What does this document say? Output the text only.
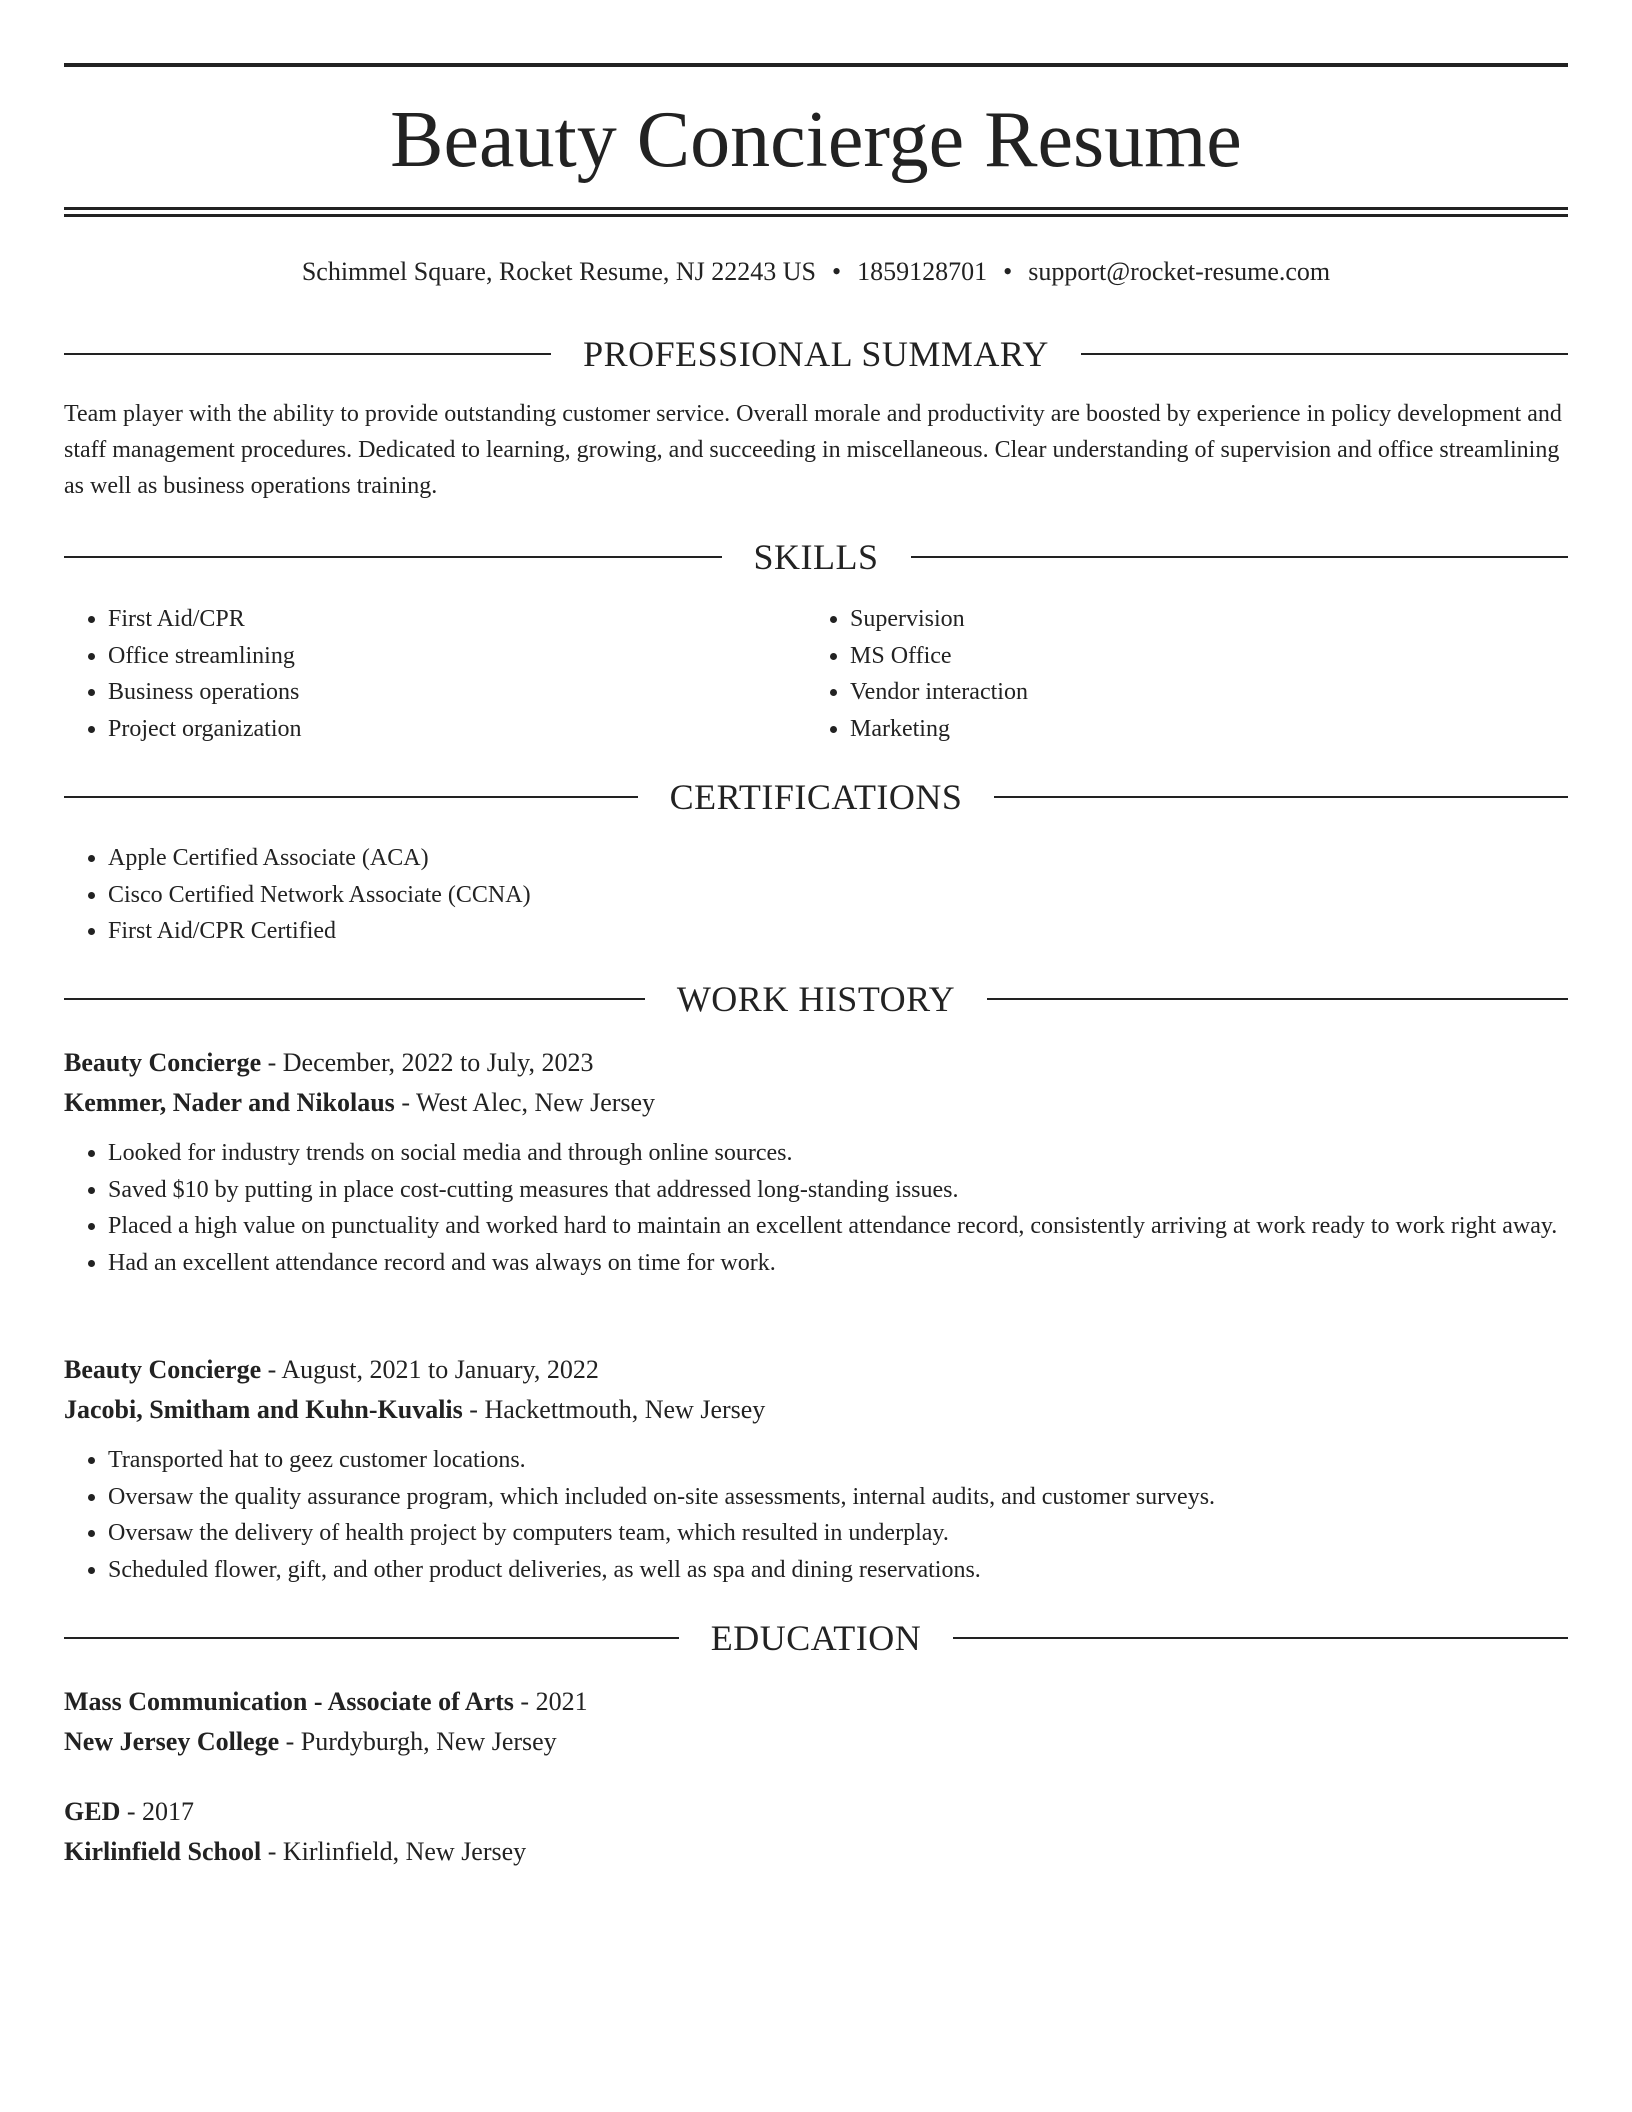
Beauty Concierge Resume
Schimmel Square, Rocket Resume, NJ 22243 US • 1859128701 • support@rocket-resume.com
PROFESSIONAL SUMMARY

Team player with the ability to provide outstanding customer service. Overall morale and productivity are boosted by experience in policy development and staff management procedures. Dedicated to learning, growing, and succeeding in miscellaneous. Clear understanding of supervision and office streamlining as well as business operations training.

SKILLS
• First Aid/CPR
• Office streamlining
• Business operations
• Project organization
• Supervision
• MS Office
• Vendor interaction
• Marketing
CERTIFICATIONS
• Apple Certified Associate (ACA)
• Cisco Certified Network Associate (CCNA)
• First Aid/CPR Certified
WORK HISTORY

Beauty Concierge - December, 2022 to July, 2023

Kemmer, Nader and Nikolaus - West Alec, New Jersey

• Looked for industry trends on social media and through online sources.
• Saved $10 by putting in place cost-cutting measures that addressed long-standing issues.
• Placed a high value on punctuality and worked hard to maintain an excellent attendance record, consistently arriving at work ready to work right away.
• Had an excellent attendance record and was always on time for work.

Beauty Concierge - August, 2021 to January, 2022

Jacobi, Smitham and Kuhn-Kuvalis - Hackettmouth, New Jersey

• Transported hat to geez customer locations.
• Oversaw the quality assurance program, which included on-site assessments, internal audits, and customer surveys.
• Oversaw the delivery of health project by computers team, which resulted in underplay.
• Scheduled flower, gift, and other product deliveries, as well as spa and dining reservations.
EDUCATION

Mass Communication - Associate of Arts - 2021

New Jersey College - Purdyburgh, New Jersey

GED - 2017

Kirlinfield School - Kirlinfield, New Jersey
